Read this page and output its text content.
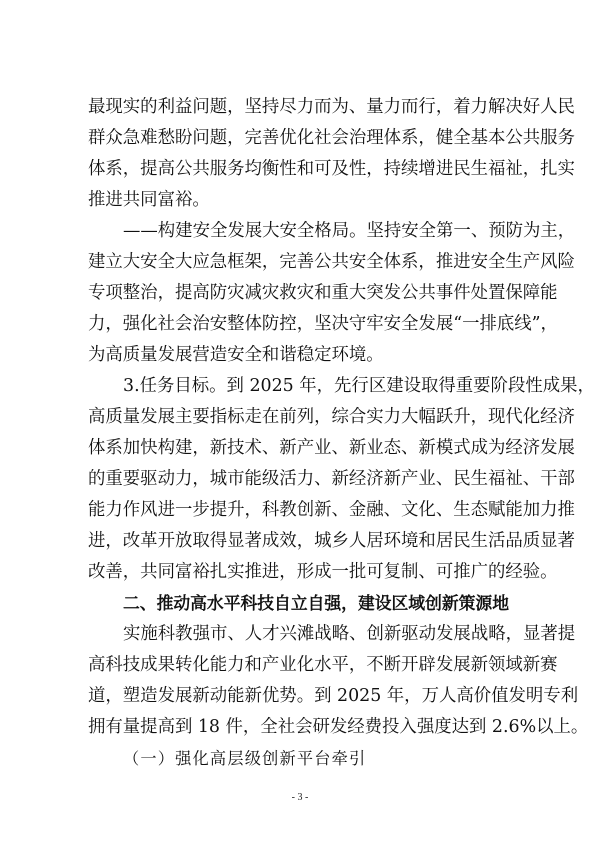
最现实的利益问题，坚持尽力而为、量力而行，着力解决好人民
群众急难愁盼问题，完善优化社会治理体系，健全基本公共服务
体系，提高公共服务均衡性和可及性，持续增进民生福祉，扎实
推进共同富裕。
——构建安全发展大安全格局。坚持安全第一、预防为主，
建立大安全大应急框架，完善公共安全体系，推进安全生产风险
专项整治，提高防灾减灾救灾和重大突发公共事件处置保障能
力，强化社会治安整体防控，坚决守牢安全发展“一排底线”，
为高质量发展营造安全和谐稳定环境。
3.任务目标。到 2025 年，先行区建设取得重要阶段性成果，
高质量发展主要指标走在前列，综合实力大幅跃升，现代化经济
体系加快构建，新技术、新产业、新业态、新模式成为经济发展
的重要驱动力，城市能级活力、新经济新产业、民生福祉、干部
能力作风进一步提升，科教创新、金融、文化、生态赋能加力推
进，改革开放取得显著成效，城乡人居环境和居民生活品质显著
改善，共同富裕扎实推进，形成一批可复制、可推广的经验。
二、推动高水平科技自立自强，建设区域创新策源地
实施科教强市、人才兴滩战略、创新驱动发展战略，显著提
高科技成果转化能力和产业化水平，不断开辟发展新领域新赛
道，塑造发展新动能新优势。到 2025 年，万人高价值发明专利
拥有量提高到 18 件，全社会研发经费投入强度达到 2.6%以上。
（一）强化高层级创新平台牵引
- 3 -
